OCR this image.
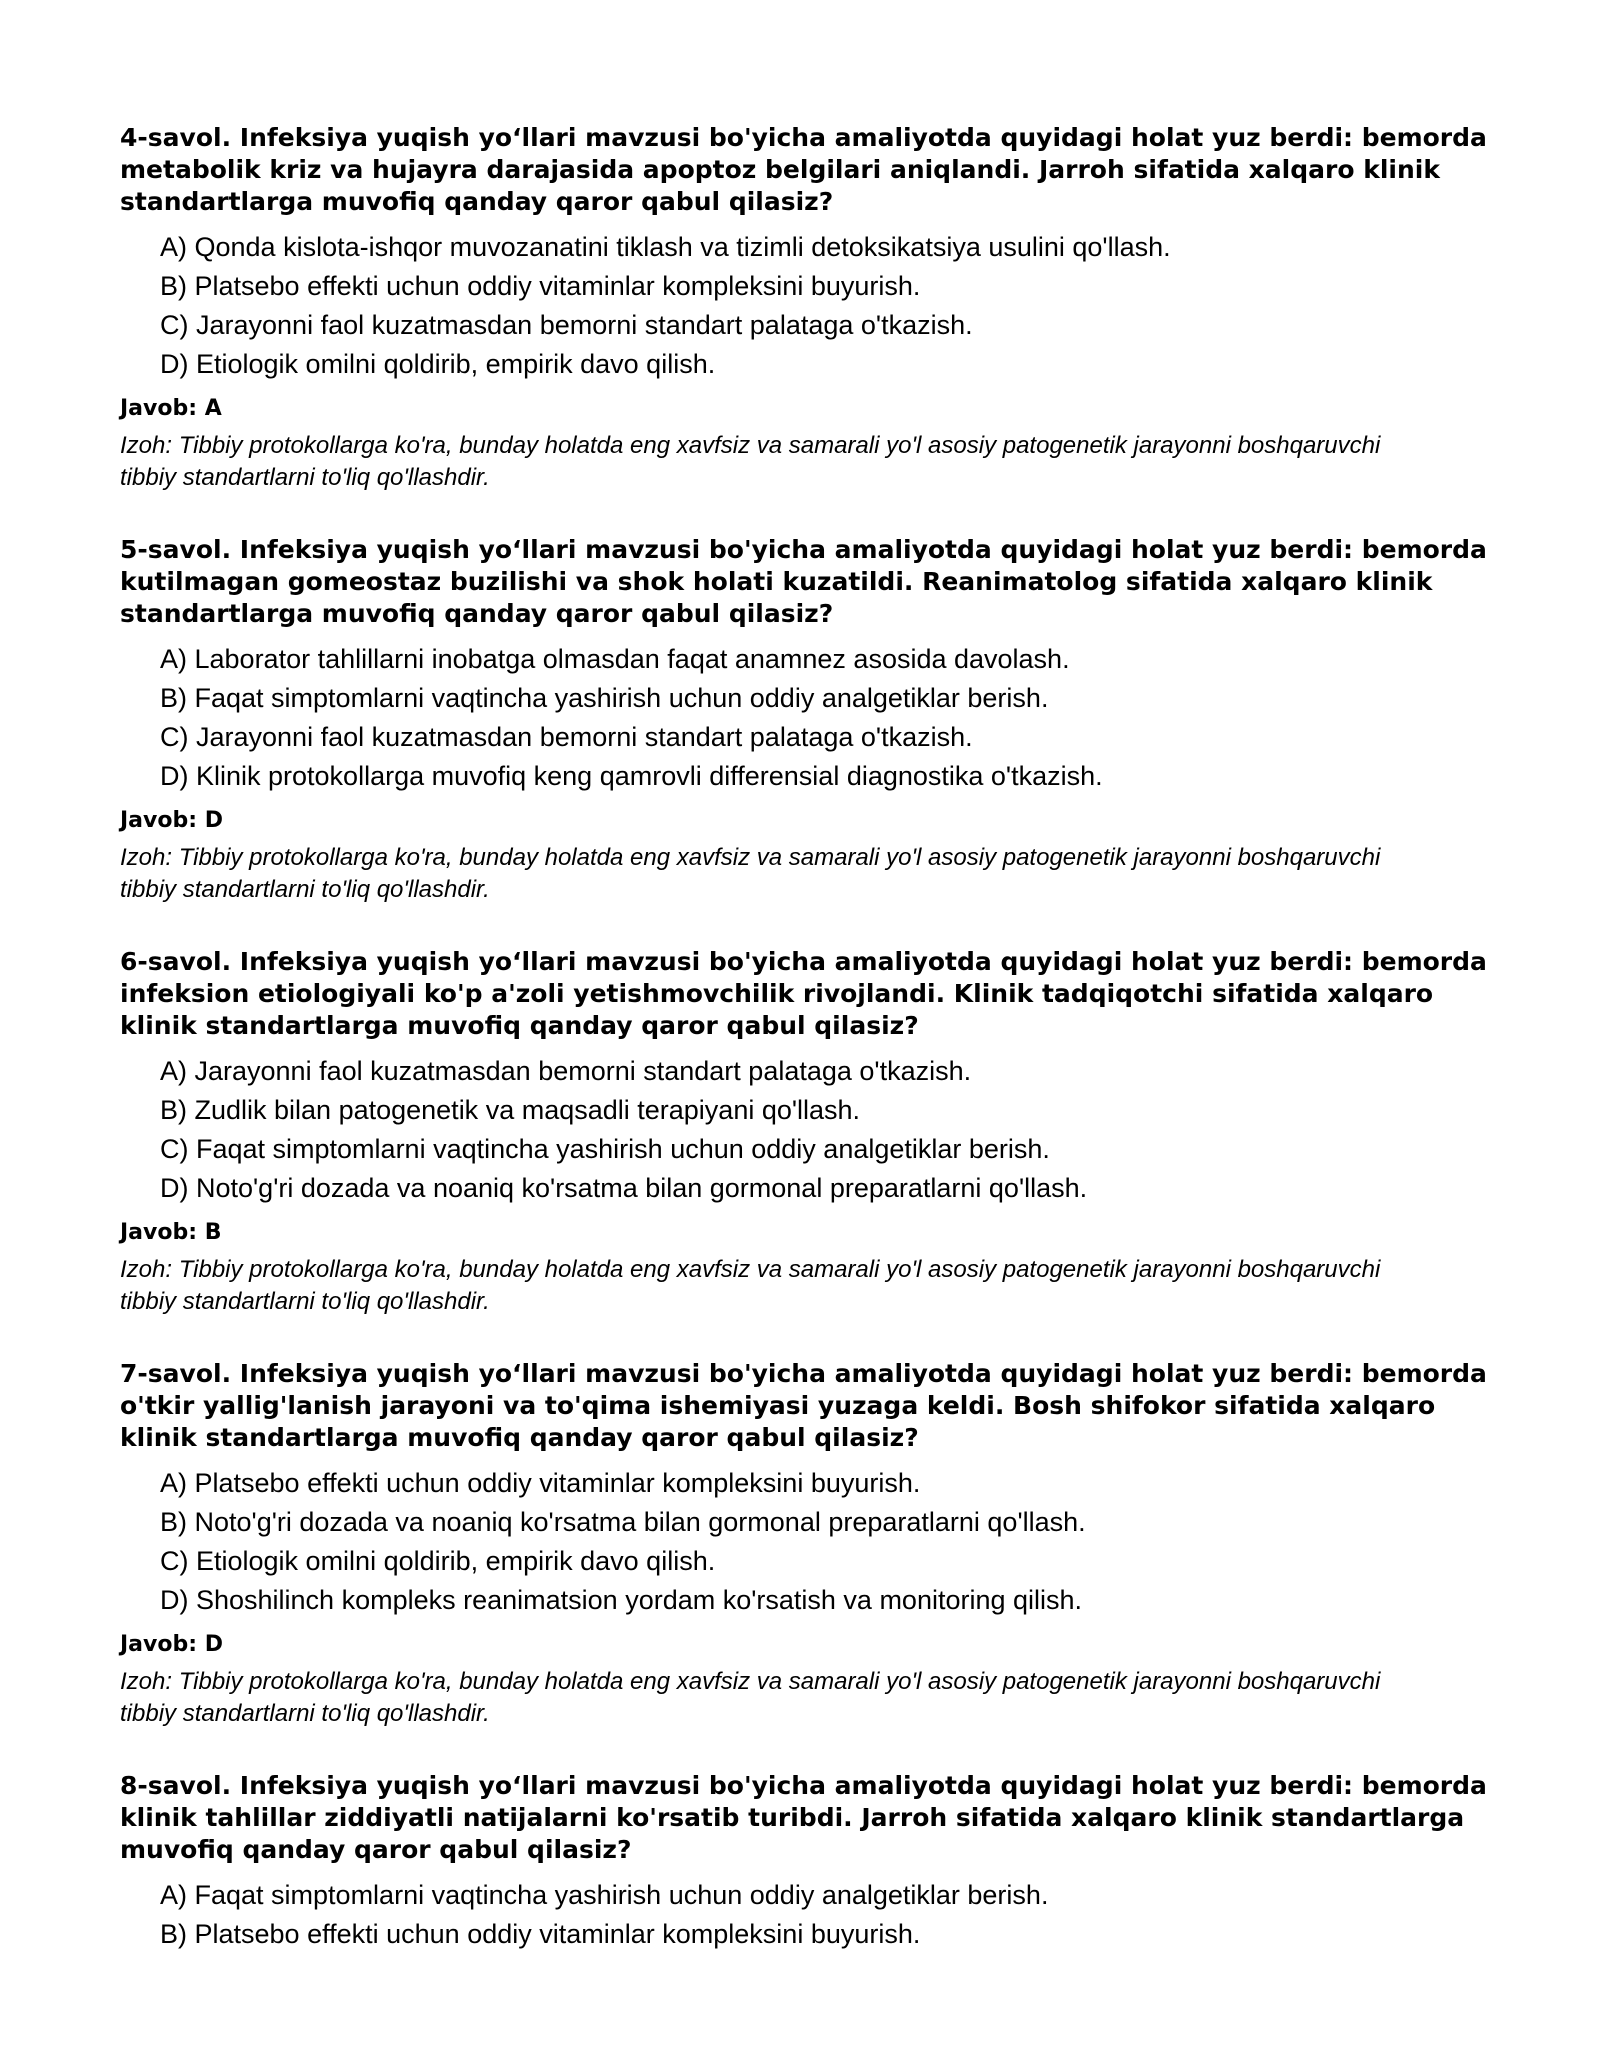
4-savol. Infeksiya yuqish yo‘llari mavzusi bo'yicha amaliyotda quyidagi holat yuz berdi: bemorda metabolik kriz va hujayra darajasida apoptoz belgilari aniqlandi. Jarroh sifatida xalqaro klinik standartlarga muvofiq qanday qaror qabul qilasiz?

A) Qonda kislota-ishqor muvozanatini tiklash va tizimli detoksikatsiya usulini qo'llash.
B) Platsebo effekti uchun oddiy vitaminlar kompleksini buyurish.
C) Jarayonni faol kuzatmasdan bemorni standart palataga o'tkazish.
D) Etiologik omilni qoldirib, empirik davo qilish.

Javob: A

Izoh: Tibbiy protokollarga ko'ra, bunday holatda eng xavfsiz va samarali yo'l asosiy patogenetik jarayonni boshqaruvchi tibbiy standartlarni to'liq qo'llashdir.

5-savol. Infeksiya yuqish yo‘llari mavzusi bo'yicha amaliyotda quyidagi holat yuz berdi: bemorda kutilmagan gomeostaz buzilishi va shok holati kuzatildi. Reanimatolog sifatida xalqaro klinik standartlarga muvofiq qanday qaror qabul qilasiz?

A) Laborator tahlillarni inobatga olmasdan faqat anamnez asosida davolash.
B) Faqat simptomlarni vaqtincha yashirish uchun oddiy analgetiklar berish.
C) Jarayonni faol kuzatmasdan bemorni standart palataga o'tkazish.
D) Klinik protokollarga muvofiq keng qamrovli differensial diagnostika o'tkazish.

Javob: D

Izoh: Tibbiy protokollarga ko'ra, bunday holatda eng xavfsiz va samarali yo'l asosiy patogenetik jarayonni boshqaruvchi tibbiy standartlarni to'liq qo'llashdir.

6-savol. Infeksiya yuqish yo‘llari mavzusi bo'yicha amaliyotda quyidagi holat yuz berdi: bemorda infeksion etiologiyali ko'p a'zoli yetishmovchilik rivojlandi. Klinik tadqiqotchi sifatida xalqaro klinik standartlarga muvofiq qanday qaror qabul qilasiz?

A) Jarayonni faol kuzatmasdan bemorni standart palataga o'tkazish.
B) Zudlik bilan patogenetik va maqsadli terapiyani qo'llash.
C) Faqat simptomlarni vaqtincha yashirish uchun oddiy analgetiklar berish.
D) Noto'g'ri dozada va noaniq ko'rsatma bilan gormonal preparatlarni qo'llash.

Javob: B

Izoh: Tibbiy protokollarga ko'ra, bunday holatda eng xavfsiz va samarali yo'l asosiy patogenetik jarayonni boshqaruvchi tibbiy standartlarni to'liq qo'llashdir.

7-savol. Infeksiya yuqish yo‘llari mavzusi bo'yicha amaliyotda quyidagi holat yuz berdi: bemorda o'tkir yallig'lanish jarayoni va to'qima ishemiyasi yuzaga keldi. Bosh shifokor sifatida xalqaro klinik standartlarga muvofiq qanday qaror qabul qilasiz?

A) Platsebo effekti uchun oddiy vitaminlar kompleksini buyurish.
B) Noto'g'ri dozada va noaniq ko'rsatma bilan gormonal preparatlarni qo'llash.
C) Etiologik omilni qoldirib, empirik davo qilish.
D) Shoshilinch kompleks reanimatsion yordam ko'rsatish va monitoring qilish.

Javob: D

Izoh: Tibbiy protokollarga ko'ra, bunday holatda eng xavfsiz va samarali yo'l asosiy patogenetik jarayonni boshqaruvchi tibbiy standartlarni to'liq qo'llashdir.

8-savol. Infeksiya yuqish yo‘llari mavzusi bo'yicha amaliyotda quyidagi holat yuz berdi: bemorda klinik tahlillar ziddiyatli natijalarni ko'rsatib turibdi. Jarroh sifatida xalqaro klinik standartlarga muvofiq qanday qaror qabul qilasiz?

A) Faqat simptomlarni vaqtincha yashirish uchun oddiy analgetiklar berish.
B) Platsebo effekti uchun oddiy vitaminlar kompleksini buyurish.
